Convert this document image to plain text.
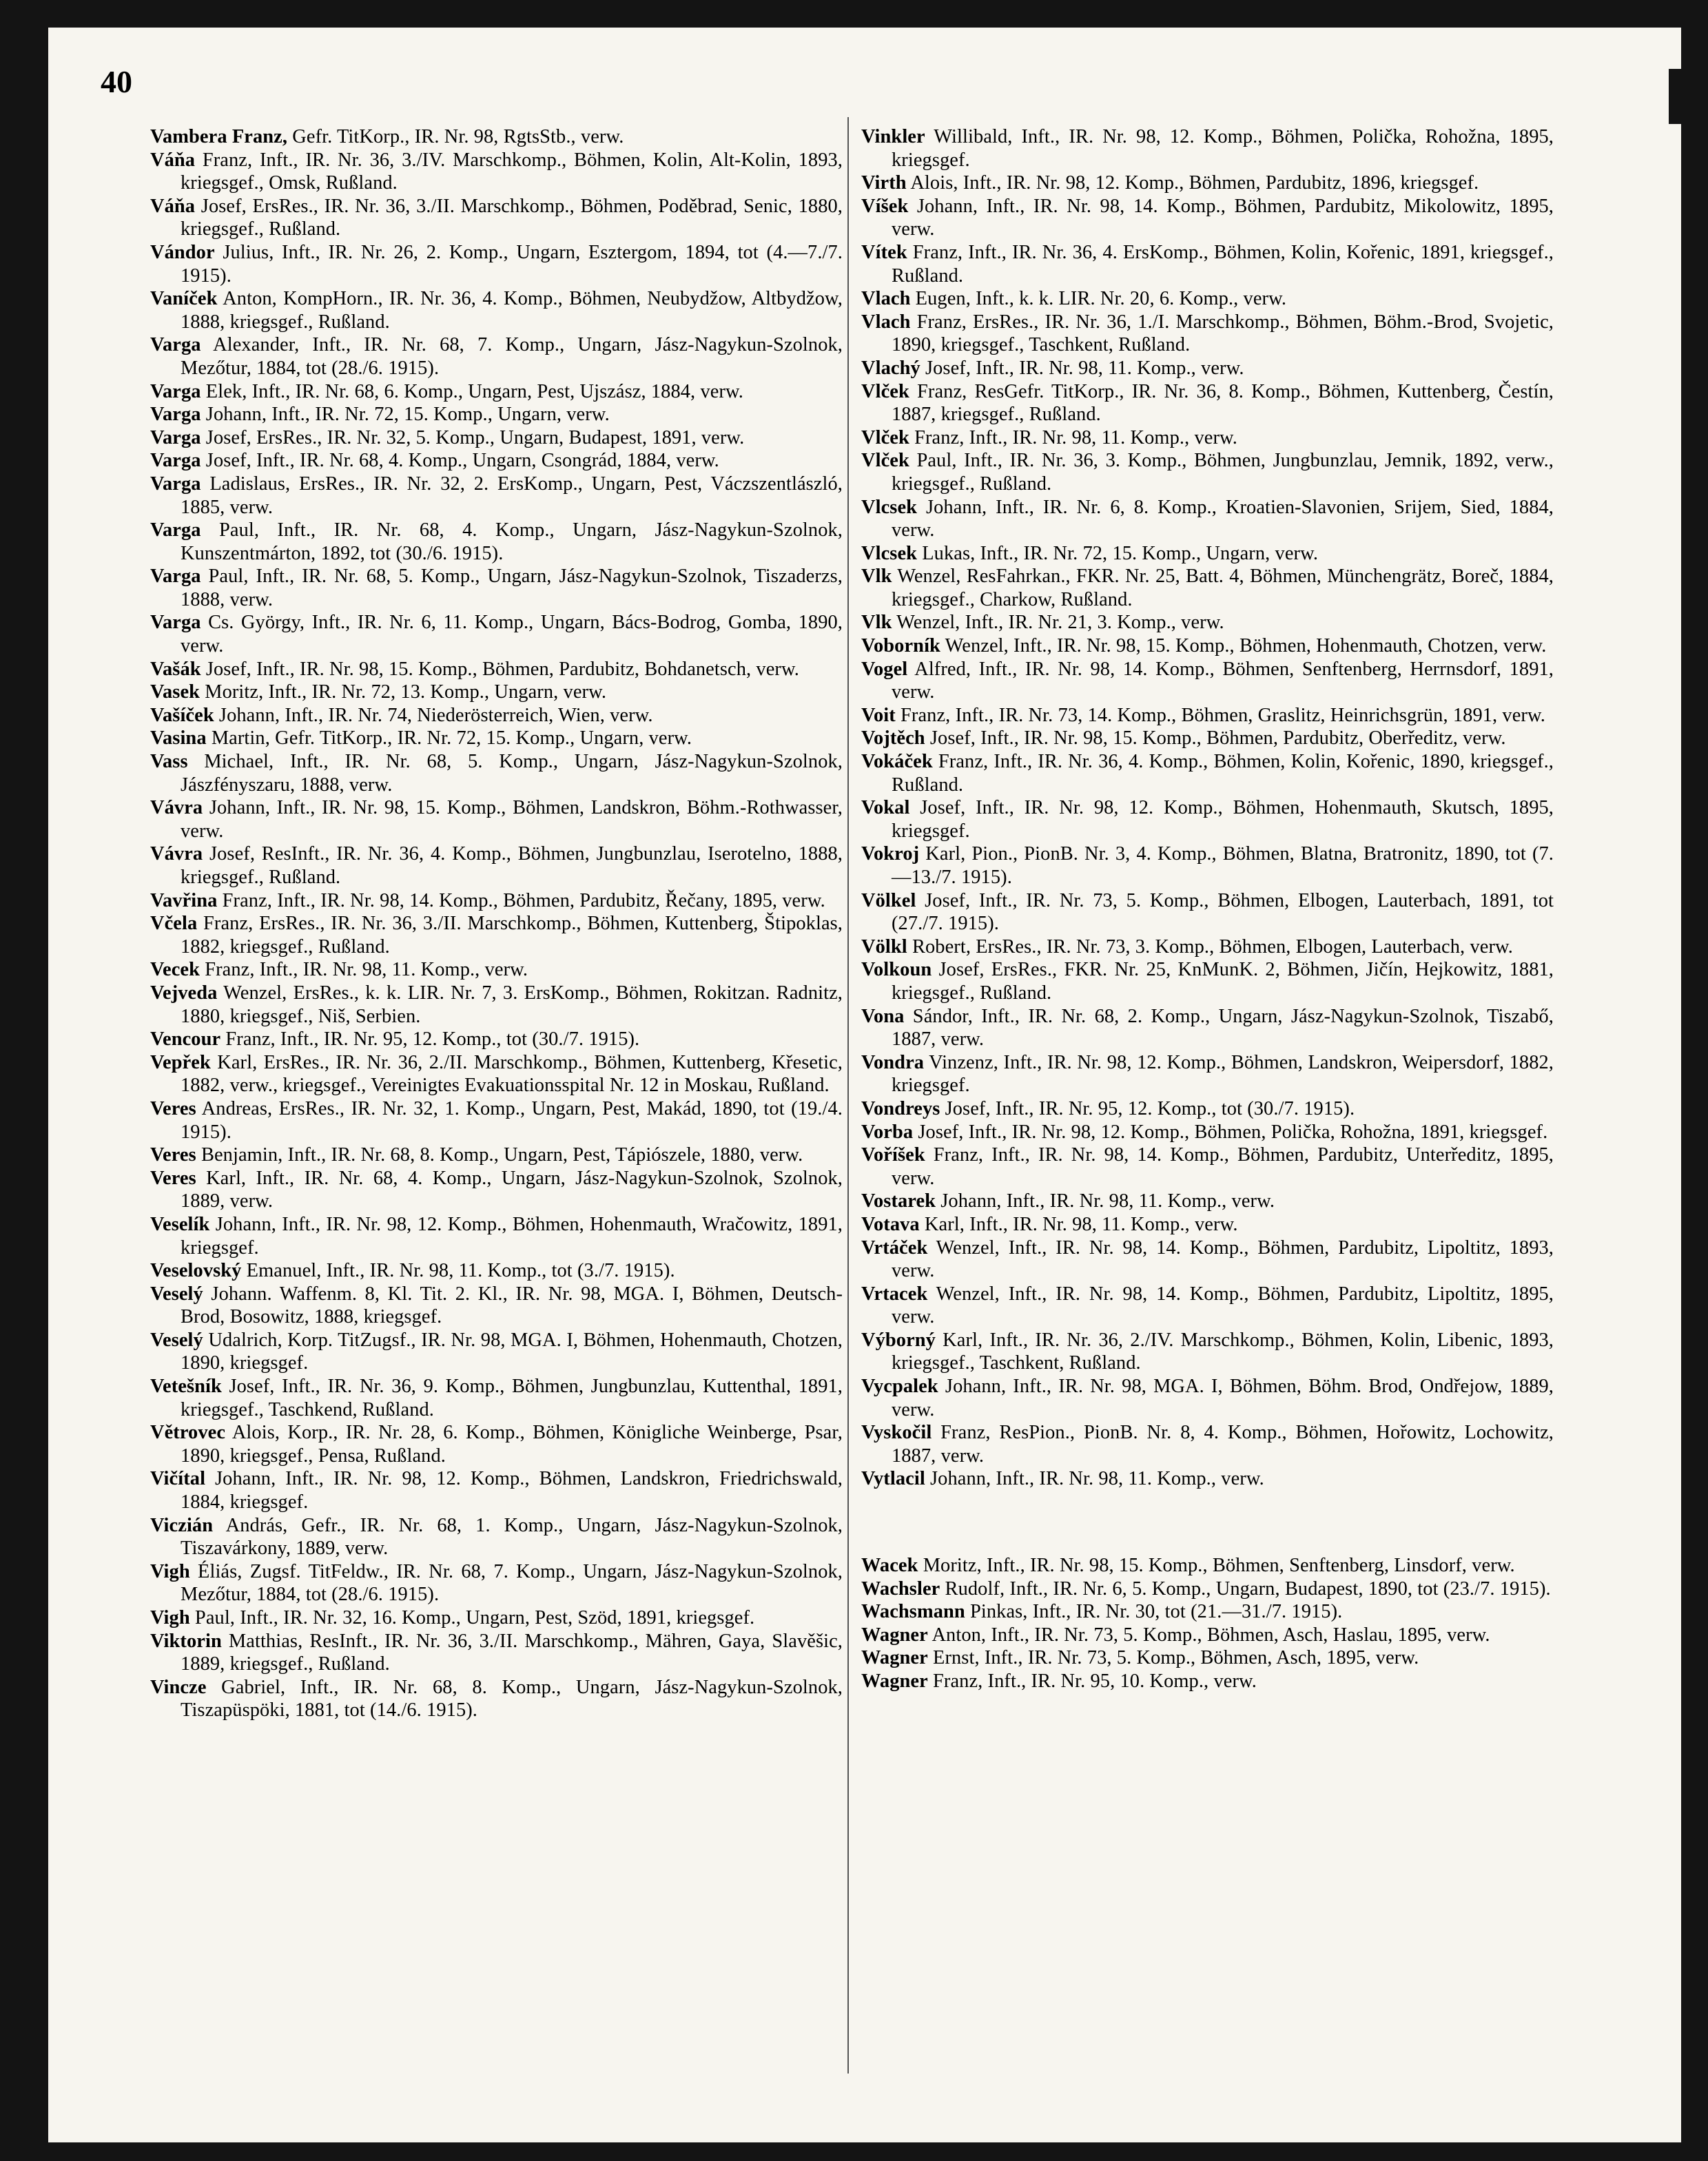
40

Vambera Franz, Gefr. TitKorp., IR. Nr. 98, RgtsStb., verw.

Váňa Franz, Inft., IR. Nr. 36, 3./IV. Marschkomp., Böhmen, Kolin, Alt-Kolin, 1893, kriegsgef., Omsk, Rußland.

Váňa Josef, ErsRes., IR. Nr. 36, 3./II. Marschkomp., Böhmen, Poděbrad, Senic, 1880, kriegsgef., Rußland.

Vándor Julius, Inft., IR. Nr. 26, 2. Komp., Ungarn, Esztergom, 1894, tot (4.—7./7. 1915).

Vaníček Anton, KompHorn., IR. Nr. 36, 4. Komp., Böhmen, Neubydžow, Altbydžow, 1888, kriegsgef., Rußland.

Varga Alexander, Inft., IR. Nr. 68, 7. Komp., Ungarn, Jász-Nagykun-Szolnok, Mezőtur, 1884, tot (28./6. 1915).

Varga Elek, Inft., IR. Nr. 68, 6. Komp., Ungarn, Pest, Ujszász, 1884, verw.

Varga Johann, Inft., IR. Nr. 72, 15. Komp., Ungarn, verw.

Varga Josef, ErsRes., IR. Nr. 32, 5. Komp., Ungarn, Budapest, 1891, verw.

Varga Josef, Inft., IR. Nr. 68, 4. Komp., Ungarn, Csongrád, 1884, verw.

Varga Ladislaus, ErsRes., IR. Nr. 32, 2. ErsKomp., Ungarn, Pest, Váczszentlászló, 1885, verw.

Varga Paul, Inft., IR. Nr. 68, 4. Komp., Ungarn, Jász-Nagykun-Szolnok, Kunszentmárton, 1892, tot (30./6. 1915).

Varga Paul, Inft., IR. Nr. 68, 5. Komp., Ungarn, Jász-Nagykun-Szolnok, Tiszaderzs, 1888, verw.

Varga Cs. György, Inft., IR. Nr. 6, 11. Komp., Ungarn, Bács-Bodrog, Gomba, 1890, verw.

Vašák Josef, Inft., IR. Nr. 98, 15. Komp., Böhmen, Pardubitz, Bohdanetsch, verw.

Vasek Moritz, Inft., IR. Nr. 72, 13. Komp., Ungarn, verw.

Vašíček Johann, Inft., IR. Nr. 74, Niederösterreich, Wien, verw.

Vasina Martin, Gefr. TitKorp., IR. Nr. 72, 15. Komp., Ungarn, verw.

Vass Michael, Inft., IR. Nr. 68, 5. Komp., Ungarn, Jász-Nagykun-Szolnok, Jászfényszaru, 1888, verw.

Vávra Johann, Inft., IR. Nr. 98, 15. Komp., Böhmen, Landskron, Böhm.-Rothwasser, verw.

Vávra Josef, ResInft., IR. Nr. 36, 4. Komp., Böhmen, Jungbunzlau, Iserotelno, 1888, kriegsgef., Rußland.

Vavřina Franz, Inft., IR. Nr. 98, 14. Komp., Böhmen, Pardubitz, Řečany, 1895, verw.

Včela Franz, ErsRes., IR. Nr. 36, 3./II. Marschkomp., Böhmen, Kuttenberg, Štipoklas, 1882, kriegsgef., Rußland.

Vecek Franz, Inft., IR. Nr. 98, 11. Komp., verw.

Vejveda Wenzel, ErsRes., k. k. LIR. Nr. 7, 3. ErsKomp., Böhmen, Rokitzan. Radnitz, 1880, kriegsgef., Niš, Serbien.

Vencour Franz, Inft., IR. Nr. 95, 12. Komp., tot (30./7. 1915).

Vepřek Karl, ErsRes., IR. Nr. 36, 2./II. Marschkomp., Böhmen, Kuttenberg, Křesetic, 1882, verw., kriegsgef., Vereinigtes Evakuationsspital Nr. 12 in Moskau, Rußland.

Veres Andreas, ErsRes., IR. Nr. 32, 1. Komp., Ungarn, Pest, Makád, 1890, tot (19./4. 1915).

Veres Benjamin, Inft., IR. Nr. 68, 8. Komp., Ungarn, Pest, Tápiószele, 1880, verw.

Veres Karl, Inft., IR. Nr. 68, 4. Komp., Ungarn, Jász-Nagykun-Szolnok, Szolnok, 1889, verw.

Veselík Johann, Inft., IR. Nr. 98, 12. Komp., Böhmen, Hohenmauth, Wračowitz, 1891, kriegsgef.

Veselovský Emanuel, Inft., IR. Nr. 98, 11. Komp., tot (3./7. 1915).

Veselý Johann. Waffenm. 8, Kl. Tit. 2. Kl., IR. Nr. 98, MGA. I, Böhmen, Deutsch-Brod, Bosowitz, 1888, kriegsgef.

Veselý Udalrich, Korp. TitZugsf., IR. Nr. 98, MGA. I, Böhmen, Hohenmauth, Chotzen, 1890, kriegsgef.

Vetešník Josef, Inft., IR. Nr. 36, 9. Komp., Böhmen, Jungbunzlau, Kuttenthal, 1891, kriegsgef., Taschkend, Rußland.

Větrovec Alois, Korp., IR. Nr. 28, 6. Komp., Böhmen, Königliche Weinberge, Psar, 1890, kriegsgef., Pensa, Rußland.

Vičítal Johann, Inft., IR. Nr. 98, 12. Komp., Böhmen, Landskron, Friedrichswald, 1884, kriegsgef.

Viczián András, Gefr., IR. Nr. 68, 1. Komp., Ungarn, Jász-Nagykun-Szolnok, Tiszavárkony, 1889, verw.

Vigh Éliás, Zugsf. TitFeldw., IR. Nr. 68, 7. Komp., Ungarn, Jász-Nagykun-Szolnok, Mezőtur, 1884, tot (28./6. 1915).

Vigh Paul, Inft., IR. Nr. 32, 16. Komp., Ungarn, Pest, Szöd, 1891, kriegsgef.

Viktorin Matthias, ResInft., IR. Nr. 36, 3./II. Marschkomp., Mähren, Gaya, Slavěšic, 1889, kriegsgef., Rußland.

Vincze Gabriel, Inft., IR. Nr. 68, 8. Komp., Ungarn, Jász-Nagykun-Szolnok, Tiszapüspöki, 1881, tot (14./6. 1915).

Vinkler Willibald, Inft., IR. Nr. 98, 12. Komp., Böhmen, Polička, Rohožna, 1895, kriegsgef.

Virth Alois, Inft., IR. Nr. 98, 12. Komp., Böhmen, Pardubitz, 1896, kriegsgef.

Víšek Johann, Inft., IR. Nr. 98, 14. Komp., Böhmen, Pardubitz, Mikolowitz, 1895, verw.

Vítek Franz, Inft., IR. Nr. 36, 4. ErsKomp., Böhmen, Kolin, Kořenic, 1891, kriegsgef., Rußland.

Vlach Eugen, Inft., k. k. LIR. Nr. 20, 6. Komp., verw.

Vlach Franz, ErsRes., IR. Nr. 36, 1./I. Marschkomp., Böhmen, Böhm.-Brod, Svojetic, 1890, kriegsgef., Taschkent, Rußland.

Vlachý Josef, Inft., IR. Nr. 98, 11. Komp., verw.

Vlček Franz, ResGefr. TitKorp., IR. Nr. 36, 8. Komp., Böhmen, Kuttenberg, Čestín, 1887, kriegsgef., Rußland.

Vlček Franz, Inft., IR. Nr. 98, 11. Komp., verw.

Vlček Paul, Inft., IR. Nr. 36, 3. Komp., Böhmen, Jungbunzlau, Jemnik, 1892, verw., kriegsgef., Rußland.

Vlcsek Johann, Inft., IR. Nr. 6, 8. Komp., Kroatien-Slavonien, Srijem, Sied, 1884, verw.

Vlcsek Lukas, Inft., IR. Nr. 72, 15. Komp., Ungarn, verw.

Vlk Wenzel, ResFahrkan., FKR. Nr. 25, Batt. 4, Böhmen, Münchengrätz, Boreč, 1884, kriegsgef., Charkow, Rußland.

Vlk Wenzel, Inft., IR. Nr. 21, 3. Komp., verw.

Voborník Wenzel, Inft., IR. Nr. 98, 15. Komp., Böhmen, Hohenmauth, Chotzen, verw.

Vogel Alfred, Inft., IR. Nr. 98, 14. Komp., Böhmen, Senftenberg, Herrnsdorf, 1891, verw.

Voit Franz, Inft., IR. Nr. 73, 14. Komp., Böhmen, Graslitz, Heinrichsgrün, 1891, verw.

Vojtěch Josef, Inft., IR. Nr. 98, 15. Komp., Böhmen, Pardubitz, Oberředitz, verw.

Vokáček Franz, Inft., IR. Nr. 36, 4. Komp., Böhmen, Kolin, Kořenic, 1890, kriegsgef., Rußland.

Vokal Josef, Inft., IR. Nr. 98, 12. Komp., Böhmen, Hohenmauth, Skutsch, 1895, kriegsgef.

Vokroj Karl, Pion., PionB. Nr. 3, 4. Komp., Böhmen, Blatna, Bratronitz, 1890, tot (7.—13./7. 1915).

Völkel Josef, Inft., IR. Nr. 73, 5. Komp., Böhmen, Elbogen, Lauterbach, 1891, tot (27./7. 1915).

Völkl Robert, ErsRes., IR. Nr. 73, 3. Komp., Böhmen, Elbogen, Lauterbach, verw.

Volkoun Josef, ErsRes., FKR. Nr. 25, KnMunK. 2, Böhmen, Jičín, Hejkowitz, 1881, kriegsgef., Rußland.

Vona Sándor, Inft., IR. Nr. 68, 2. Komp., Ungarn, Jász-Nagykun-Szolnok, Tiszabő, 1887, verw.

Vondra Vinzenz, Inft., IR. Nr. 98, 12. Komp., Böhmen, Landskron, Weipersdorf, 1882, kriegsgef.

Vondreys Josef, Inft., IR. Nr. 95, 12. Komp., tot (30./7. 1915).

Vorba Josef, Inft., IR. Nr. 98, 12. Komp., Böhmen, Polička, Rohožna, 1891, kriegsgef.

Voříšek Franz, Inft., IR. Nr. 98, 14. Komp., Böhmen, Pardubitz, Unterředitz, 1895, verw.

Vostarek Johann, Inft., IR. Nr. 98, 11. Komp., verw.

Votava Karl, Inft., IR. Nr. 98, 11. Komp., verw.

Vrtáček Wenzel, Inft., IR. Nr. 98, 14. Komp., Böhmen, Pardubitz, Lipoltitz, 1893, verw.

Vrtacek Wenzel, Inft., IR. Nr. 98, 14. Komp., Böhmen, Pardubitz, Lipoltitz, 1895, verw.

Výborný Karl, Inft., IR. Nr. 36, 2./IV. Marschkomp., Böhmen, Kolin, Libenic, 1893, kriegsgef., Taschkent, Rußland.

Vycpalek Johann, Inft., IR. Nr. 98, MGA. I, Böhmen, Böhm. Brod, Ondřejow, 1889, verw.

Vyskočil Franz, ResPion., PionB. Nr. 8, 4. Komp., Böhmen, Hořowitz, Lochowitz, 1887, verw.

Vytlacil Johann, Inft., IR. Nr. 98, 11. Komp., verw.

Wacek Moritz, Inft., IR. Nr. 98, 15. Komp., Böhmen, Senftenberg, Linsdorf, verw.

Wachsler Rudolf, Inft., IR. Nr. 6, 5. Komp., Ungarn, Budapest, 1890, tot (23./7. 1915).

Wachsmann Pinkas, Inft., IR. Nr. 30, tot (21.—31./7. 1915).

Wagner Anton, Inft., IR. Nr. 73, 5. Komp., Böhmen, Asch, Haslau, 1895, verw.

Wagner Ernst, Inft., IR. Nr. 73, 5. Komp., Böhmen, Asch, 1895, verw.

Wagner Franz, Inft., IR. Nr. 95, 10. Komp., verw.
